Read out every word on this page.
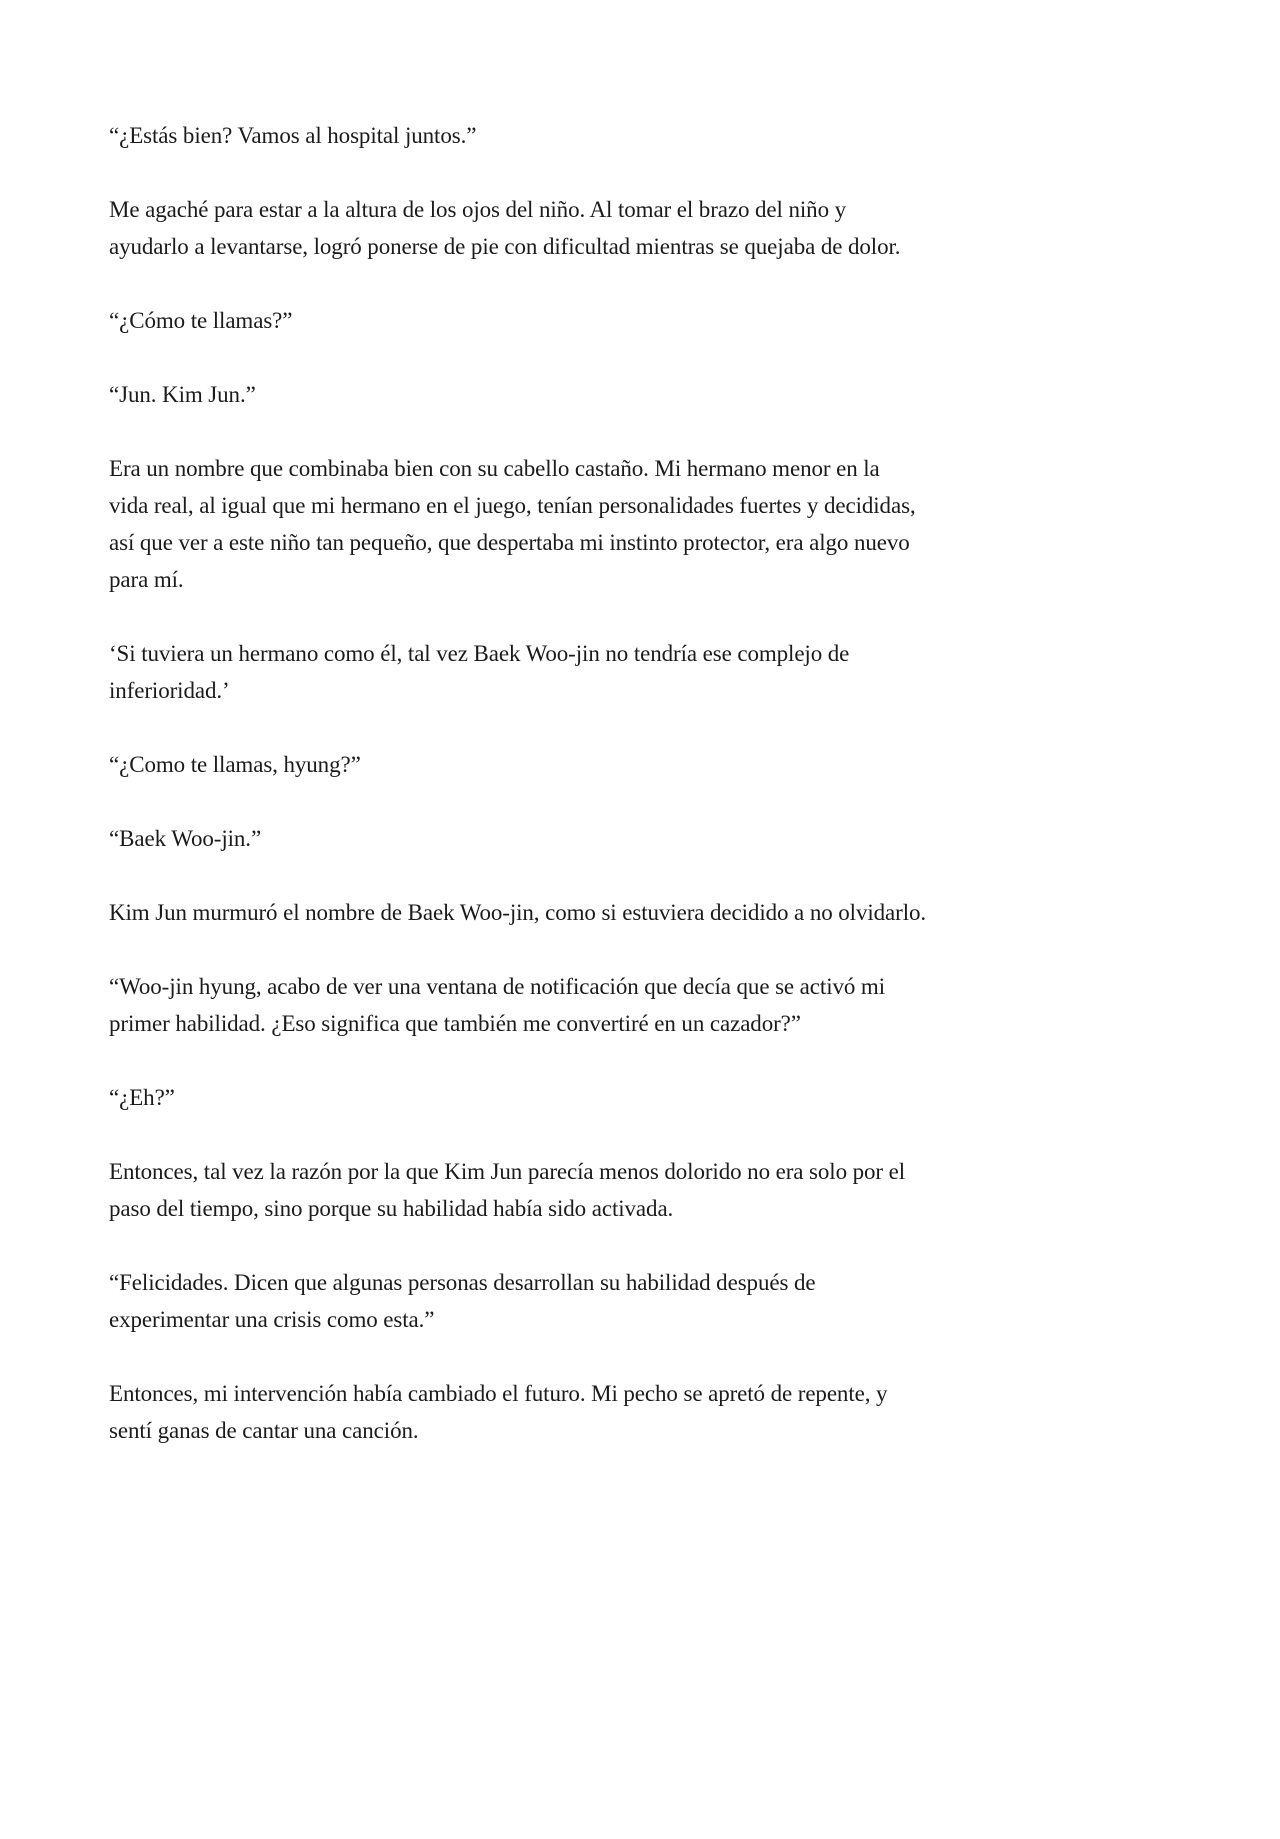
“¿Estás bien? Vamos al hospital juntos.”

Me agaché para estar a la altura de los ojos del niño. Al tomar el brazo del niño y
ayudarlo a levantarse, logró ponerse de pie con dificultad mientras se quejaba de dolor.

“¿Cómo te llamas?”

“Jun. Kim Jun.”

Era un nombre que combinaba bien con su cabello castaño. Mi hermano menor en la
vida real, al igual que mi hermano en el juego, tenían personalidades fuertes y decididas,
así que ver a este niño tan pequeño, que despertaba mi instinto protector, era algo nuevo
para mí.

‘Si tuviera un hermano como él, tal vez Baek Woo-jin no tendría ese complejo de
inferioridad.’

“¿Como te llamas, hyung?”

“Baek Woo-jin.”

Kim Jun murmuró el nombre de Baek Woo-jin, como si estuviera decidido a no olvidarlo.

“Woo-jin hyung, acabo de ver una ventana de notificación que decía que se activó mi
primer habilidad. ¿Eso significa que también me convertiré en un cazador?”

“¿Eh?”

Entonces, tal vez la razón por la que Kim Jun parecía menos dolorido no era solo por el
paso del tiempo, sino porque su habilidad había sido activada.

“Felicidades. Dicen que algunas personas desarrollan su habilidad después de
experimentar una crisis como esta.”

Entonces, mi intervención había cambiado el futuro. Mi pecho se apretó de repente, y
sentí ganas de cantar una canción.
